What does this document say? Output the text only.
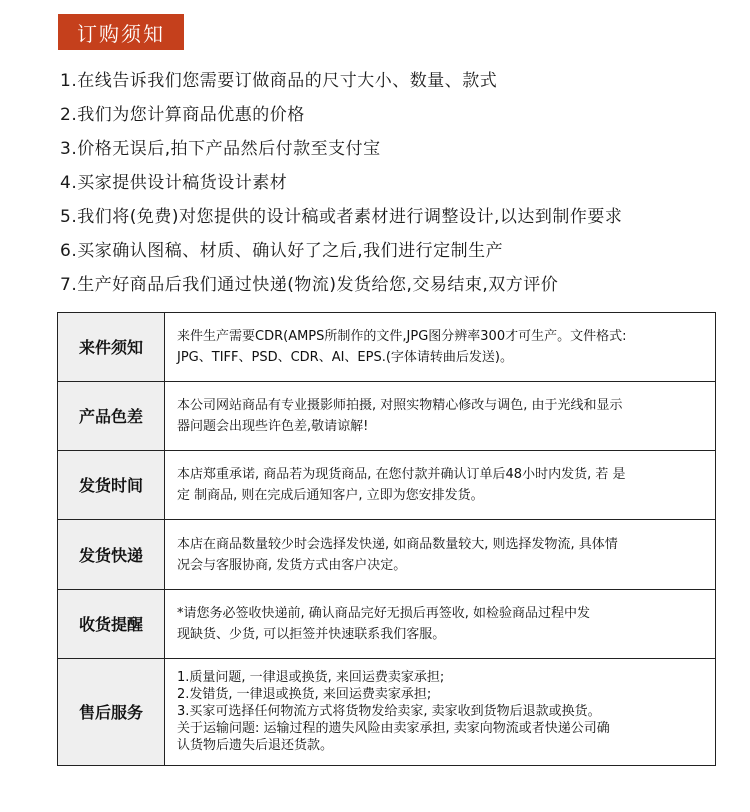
订购须知
1.在线告诉我们您需要订做商品的尺寸大小、数量、款式
2.我们为您计算商品优惠的价格
3.价格无误后,拍下产品然后付款至支付宝
4.买家提供设计稿货设计素材
5.我们将(免费)对您提供的设计稿或者素材进行调整设计,以达到制作要求
6.买家确认图稿、材质、确认好了之后,我们进行定制生产
7.生产好商品后我们通过快递(物流)发货给您,交易结束,双方评价
来件须知	来件生产需要CDR(AMPS所制作的文件,JPG图分辨率300才可生产。文件格式:
JPG、TIFF、PSD、CDR、AI、EPS.(字体请转曲后发送)。

产品色差	本公司网站商品有专业摄影师拍摄, 对照实物精心修改与调色, 由于光线和显示
器问题会出现些许色差,敬请谅解!

发货时间	本店郑重承诺, 商品若为现货商品, 在您付款并确认订单后48小时内发货, 若 是
定 制商品, 则在完成后通知客户, 立即为您安排发货。

发货快递	本店在商品数量较少时会选择发快递, 如商品数量较大, 则选择发物流, 具体情
况会与客服协商, 发货方式由客户决定。

收货提醒	*请您务必签收快递前, 确认商品完好无损后再签收, 如检验商品过程中发
现缺货、少货, 可以拒签并快速联系我们客服。

售后服务	1.质量问题, 一律退或换货, 来回运费卖家承担;
2.发错货, 一律退或换货, 来回运费卖家承担;
3.买家可选择任何物流方式将货物发给卖家, 卖家收到货物后退款或换货。
关于运输问题: 运输过程的遗失风险由卖家承担, 卖家向物流或者快递公司确
认货物后遗失后退还货款。
